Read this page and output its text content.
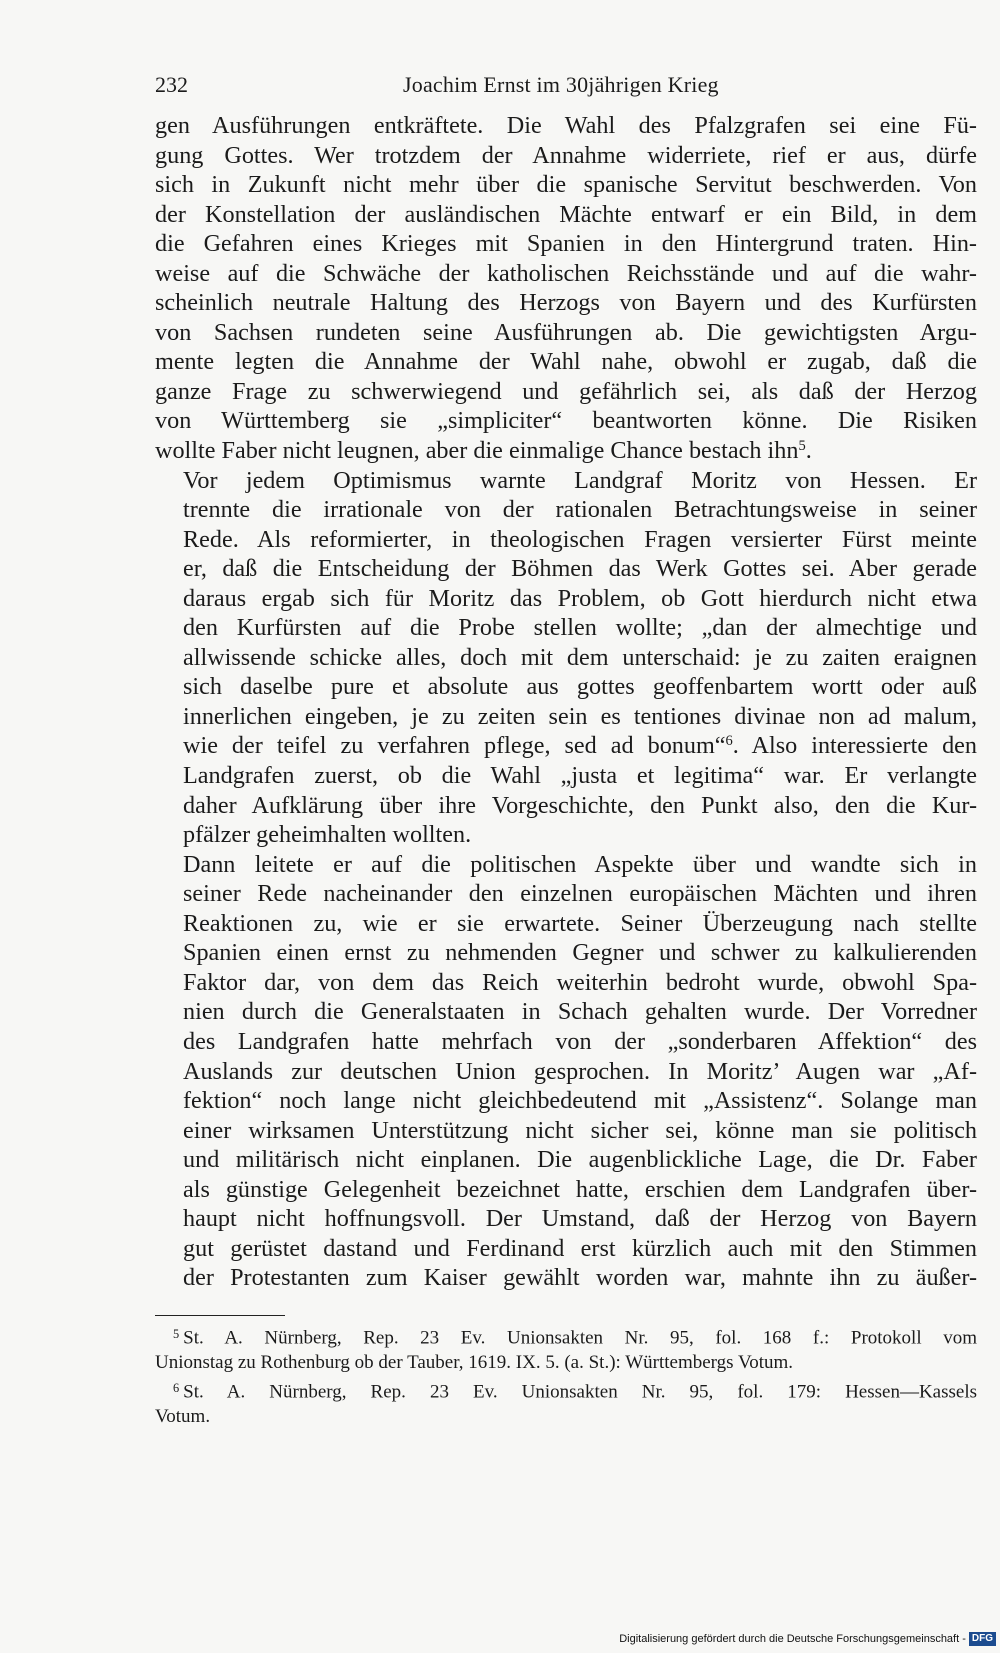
232	Joachim Ernst im 30jährigen Krieg

gen Ausführungen entkräftete. Die Wahl des Pfalzgrafen sei eine Fü-
gung Gottes. Wer trotzdem der Annahme widerriete, rief er aus, dürfe
sich in Zukunft nicht mehr über die spanische Servitut beschwerden. Von
der Konstellation der ausländischen Mächte entwarf er ein Bild, in dem
die Gefahren eines Krieges mit Spanien in den Hintergrund traten. Hin-
weise auf die Schwäche der katholischen Reichsstände und auf die wahr-
scheinlich neutrale Haltung des Herzogs von Bayern und des Kurfürsten
von Sachsen rundeten seine Ausführungen ab. Die gewichtigsten Argu-
mente legten die Annahme der Wahl nahe, obwohl er zugab, daß die
ganze Frage zu schwerwiegend und gefährlich sei, als daß der Herzog
von Württemberg sie „simpliciter“ beantworten könne. Die Risiken
wollte Faber nicht leugnen, aber die einmalige Chance bestach ihn$^5$.

Vor jedem Optimismus warnte Landgraf Moritz von Hessen. Er
trennte die irrationale von der rationalen Betrachtungsweise in seiner
Rede. Als reformierter, in theologischen Fragen versierter Fürst meinte
er, daß die Entscheidung der Böhmen das Werk Gottes sei. Aber gerade
daraus ergab sich für Moritz das Problem, ob Gott hierdurch nicht etwa
den Kurfürsten auf die Probe stellen wollte; „dan der almechtige und
allwissende schicke alles, doch mit dem unterschaid: je zu zaiten eraignen
sich daselbe pure et absolute aus gottes geoffenbartem wortt oder auß
innerlichen eingeben, je zu zeiten sein es tentiones divinae non ad malum,
wie der teifel zu verfahren pflege, sed ad bonum“$^6$. Also interessierte den
Landgrafen zuerst, ob die Wahl „justa et legitima“ war. Er verlangte
daher Aufklärung über ihre Vorgeschichte, den Punkt also, den die Kur-
pfälzer geheimhalten wollten.

Dann leitete er auf die politischen Aspekte über und wandte sich in
seiner Rede nacheinander den einzelnen europäischen Mächten und ihren
Reaktionen zu, wie er sie erwartete. Seiner Überzeugung nach stellte
Spanien einen ernst zu nehmenden Gegner und schwer zu kalkulierenden
Faktor dar, von dem das Reich weiterhin bedroht wurde, obwohl Spa-
nien durch die Generalstaaten in Schach gehalten wurde. Der Vorredner
des Landgrafen hatte mehrfach von der „sonderbaren Affektion“ des
Auslands zur deutschen Union gesprochen. In Moritz’ Augen war „Af-
fektion“ noch lange nicht gleichbedeutend mit „Assistenz“. Solange man
einer wirksamen Unterstützung nicht sicher sei, könne man sie politisch
und militärisch nicht einplanen. Die augenblickliche Lage, die Dr. Faber
als günstige Gelegenheit bezeichnet hatte, erschien dem Landgrafen über-
haupt nicht hoffnungsvoll. Der Umstand, daß der Herzog von Bayern
gut gerüstet dastand und Ferdinand erst kürzlich auch mit den Stimmen
der Protestanten zum Kaiser gewählt worden war, mahnte ihn zu äußer-

$^5$ St. A. Nürnberg, Rep. 23 Ev. Unionsakten Nr. 95, fol. 168 f.: Protokoll vom
Unionstag zu Rothenburg ob der Tauber, 1619. IX. 5. (a. St.): Württembergs Votum.

$^6$ St. A. Nürnberg, Rep. 23 Ev. Unionsakten Nr. 95, fol. 179: Hessen—Kassels
Votum.

Digitalisierung gefördert durch die Deutsche Forschungsgemeinschaft - DFG
